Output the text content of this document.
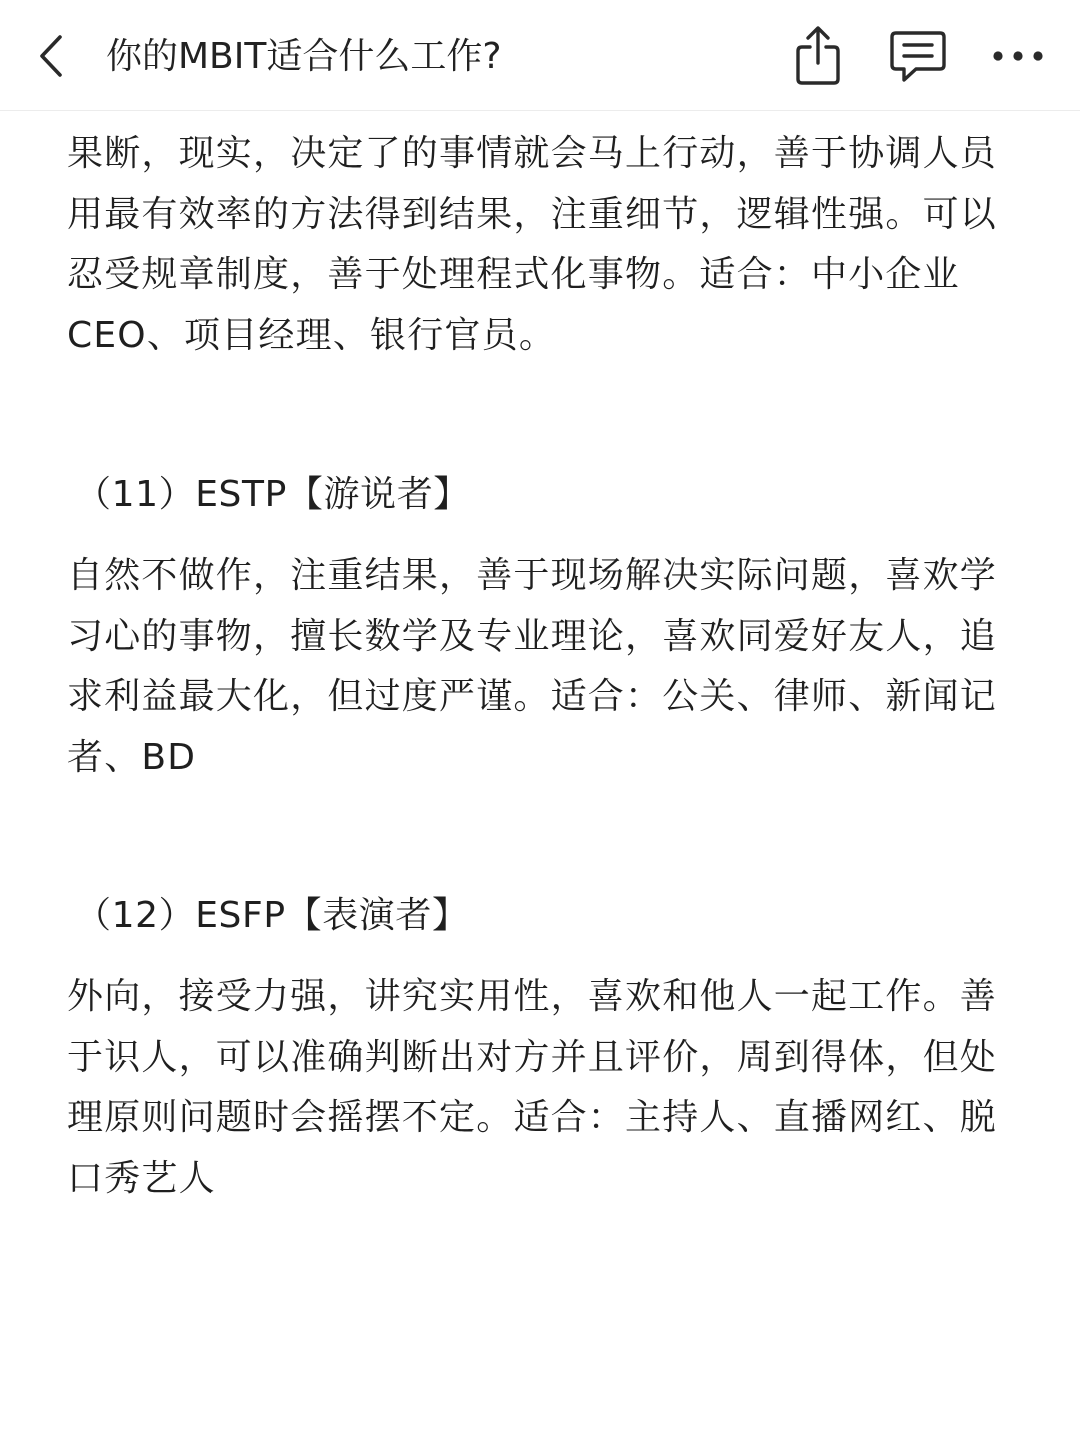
你的MBIT适合什么工作?

果断，现实，决定了的事情就会马上行动，善于协调人员用最有效率的方法得到结果，注重细节，逻辑性强。可以忍受规章制度，善于处理程式化事物。适合：中小企业CEO、项目经理、银行官员。

（11）ESTP【游说者】

自然不做作，注重结果，善于现场解决实际问题，喜欢学习心的事物，擅长数学及专业理论，喜欢同爱好友人，追求利益最大化，但过度严谨。适合：公关、律师、新闻记者、BD

（12）ESFP【表演者】

外向，接受力强，讲究实用性，喜欢和他人一起工作。善于识人，可以准确判断出对方并且评价，周到得体，但处理原则问题时会摇摆不定。适合：主持人、直播网红、脱口秀艺人
